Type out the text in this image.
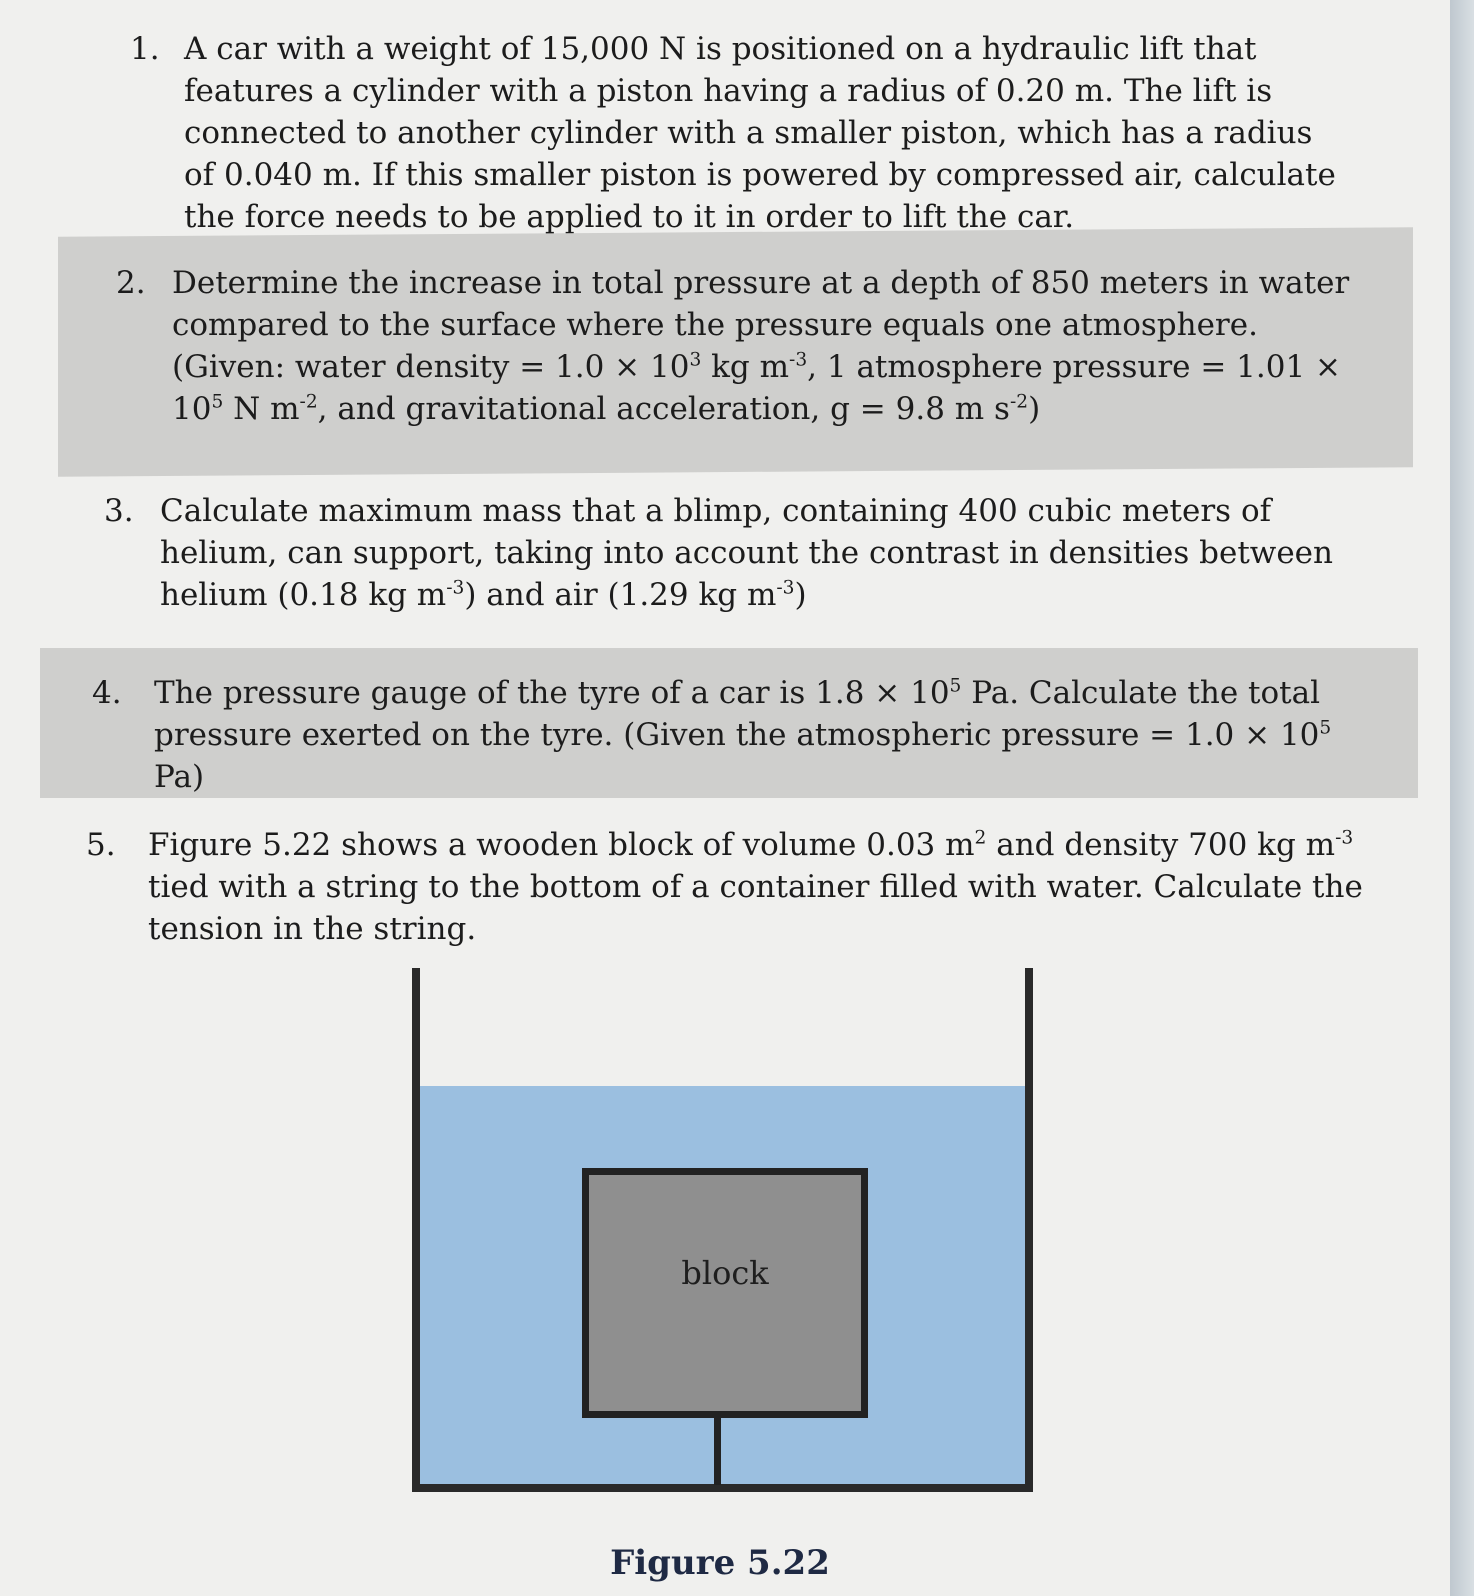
1. A car with a weight of 15,000 N is positioned on a hydraulic lift that features a cylinder with a piston having a radius of 0.20 m. The lift is connected to another cylinder with a smaller piston, which has a radius of 0.040 m. If this smaller piston is powered by compressed air, calculate the force needs to be applied to it in order to lift the car.
2. Determine the increase in total pressure at a depth of 850 meters in water compared to the surface where the pressure equals one atmosphere. (Given: water density = $1.0 \times 10^3$ kg $m^{-3}$, 1 atmosphere pressure = $1.01 \times 10^5$ N $m^{-2}$, and gravitational acceleration, g = 9.8 m $s^{-2}$)
3. Calculate maximum mass that a blimp, containing 400 cubic meters of helium, can support, taking into account the contrast in densities between helium (0.18 kg $m^{-3}$) and air (1.29 kg $m^{-3}$)
4. The pressure gauge of the tyre of a car is $1.8 \times 10^5$ Pa. Calculate the total pressure exerted on the tyre. (Given the atmospheric pressure = $1.0 \times 10^5$ Pa)
5. Figure 5.22 shows a wooden block of volume 0.03 $m^2$ and density 700 kg $m^{-3}$ tied with a string to the bottom of a container filled with water. Calculate the tension in the string.
block
Figure 5.22
